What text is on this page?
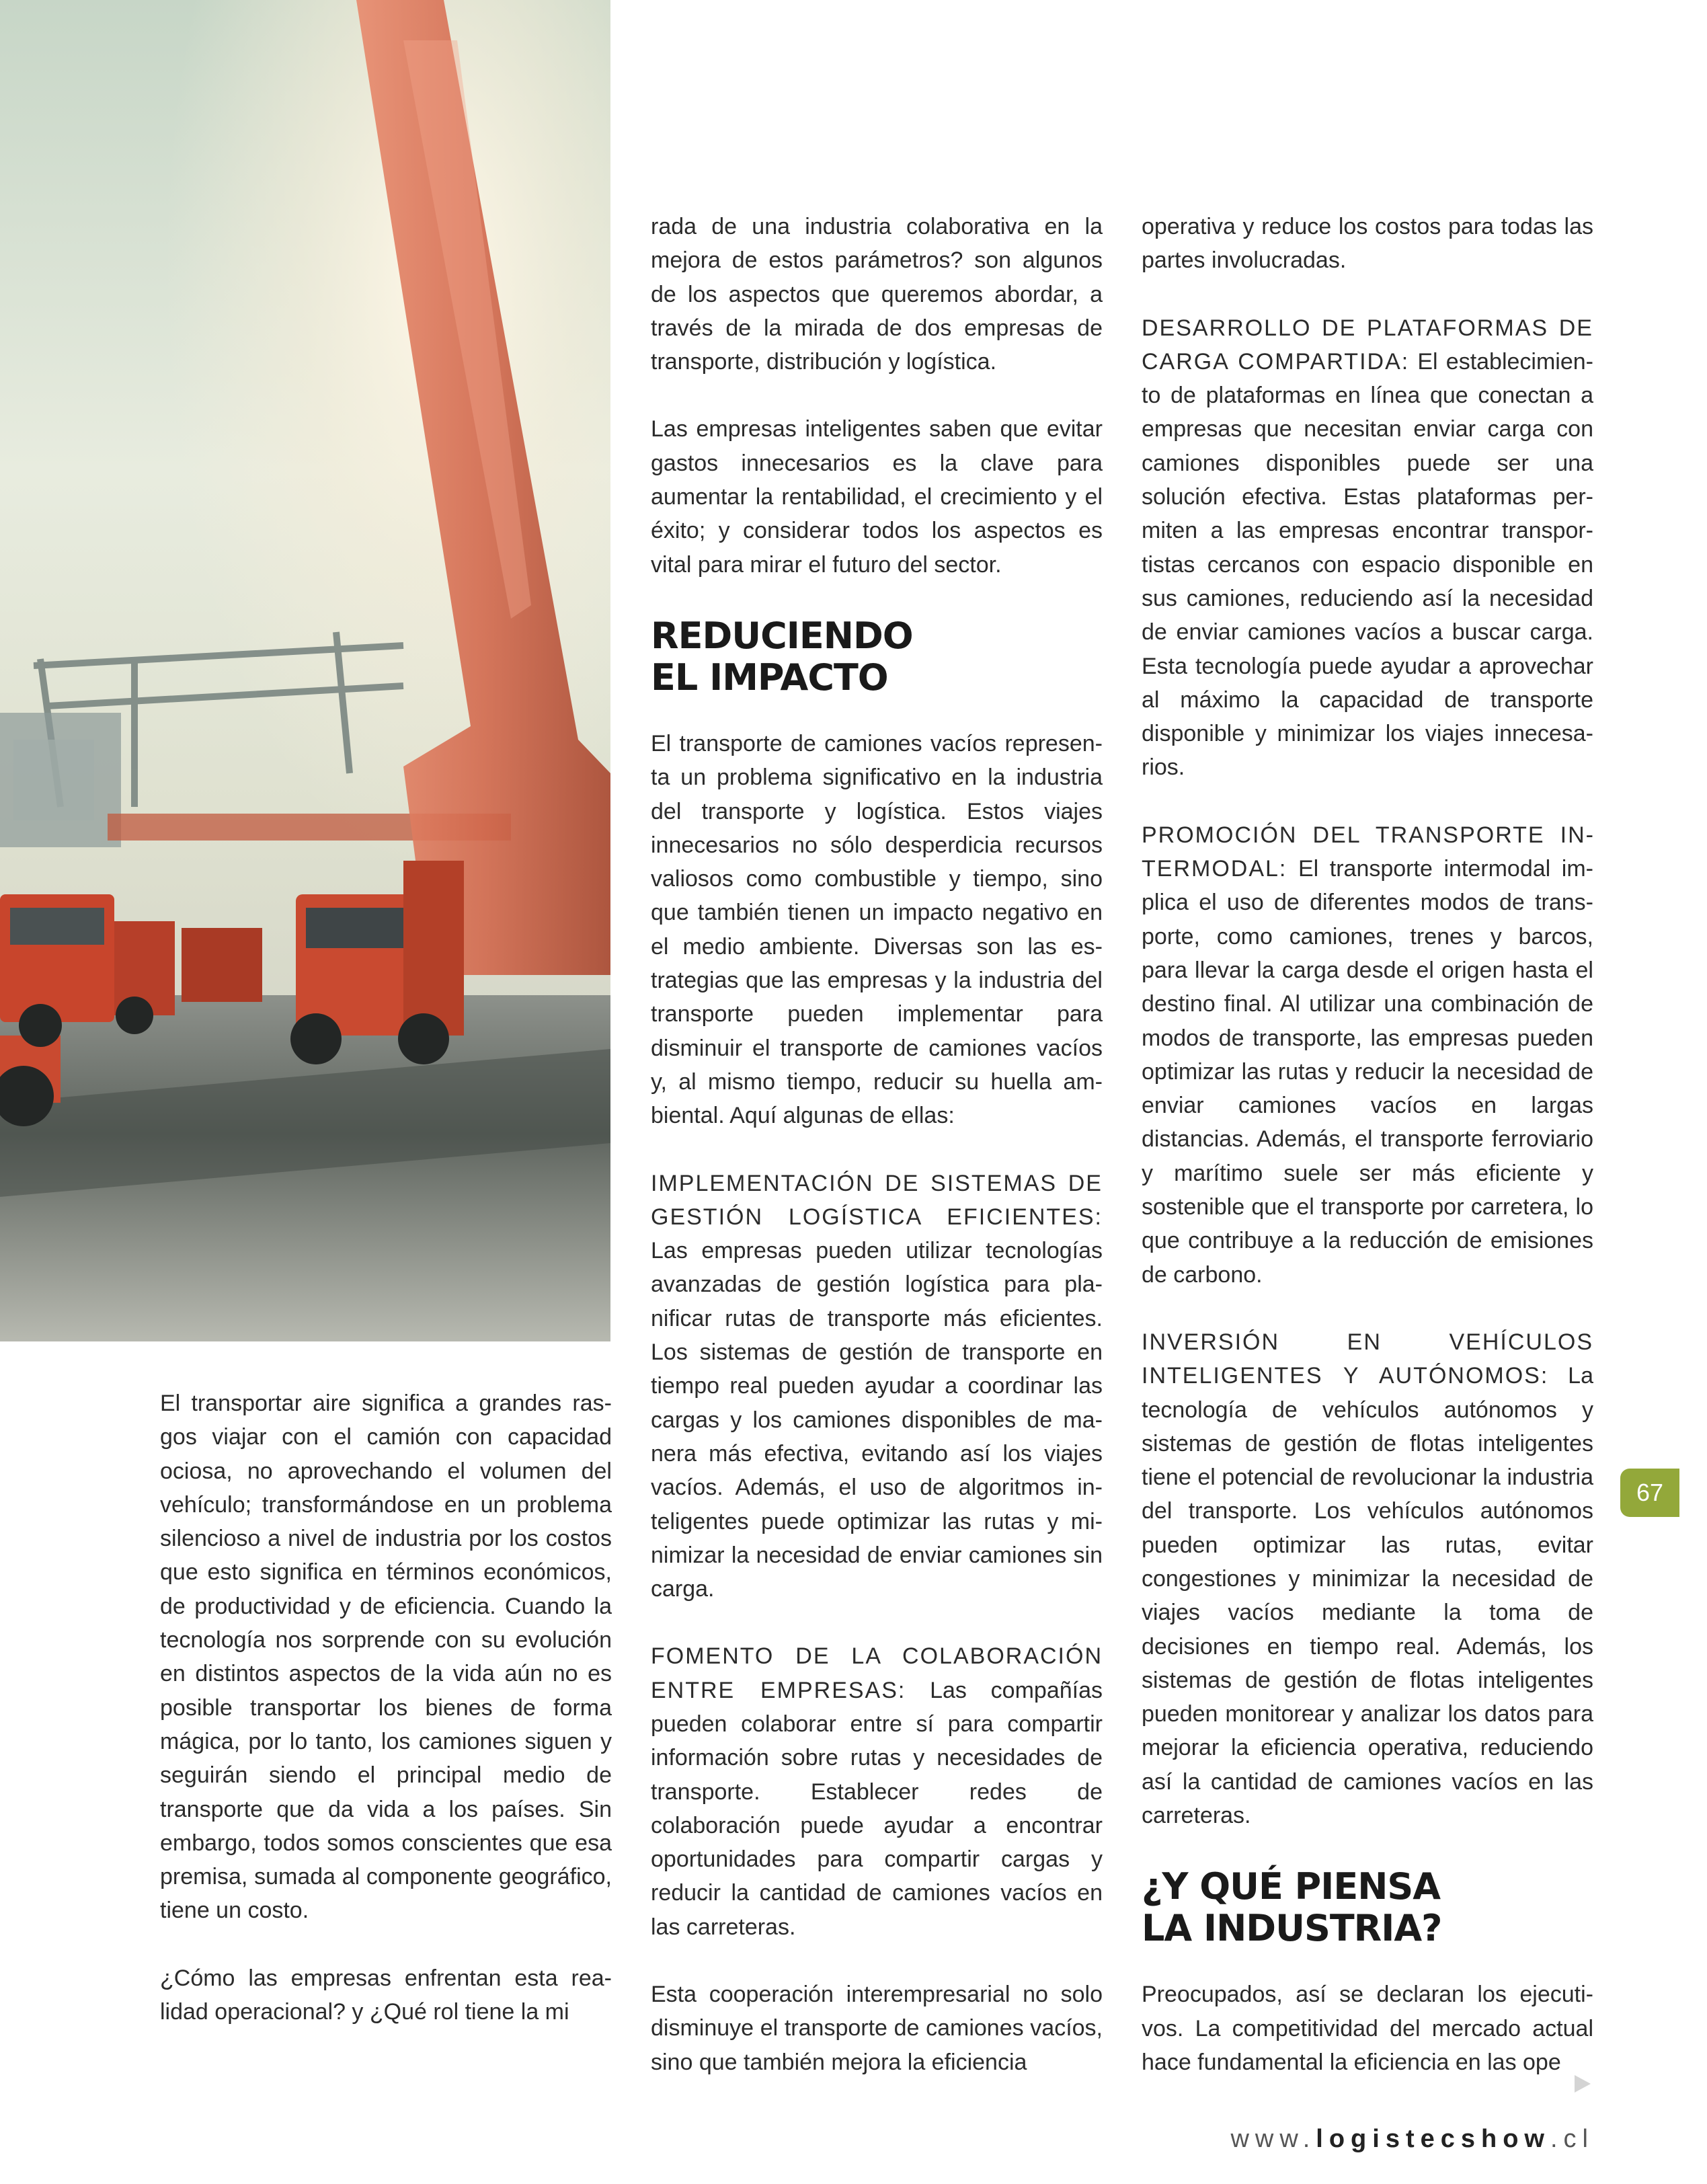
El transportar aire significa a grandes rasgos viajar con el camión con capacidad ociosa, no aprovechando el volumen del vehículo; transformándose en un problema silencioso a nivel de industria por los costos que esto significa en términos económicos, de productividad y de eficiencia. Cuando la tecnología nos sorprende con su evolución en distintos aspectos de la vida aún no es posible transportar los bienes de forma mágica, por lo tanto, los camiones siguen y seguirán siendo el principal medio de transporte que da vida a los países. Sin embargo, todos somos conscientes que esa premisa, sumada al componente geográfico, tiene un costo.

¿Cómo las empresas enfrentan esta realidad operacional? y ¿Qué rol tiene la mi

rada de una industria colaborativa en la mejora de estos parámetros? son algunos de los aspectos que queremos abordar, a través de la mirada de dos empresas de transporte, distribución y logística.

Las empresas inteligentes saben que evitar gastos innecesarios es la clave para aumentar la rentabilidad, el crecimiento y el éxito; y considerar todos los aspectos es vital para mirar el futuro del sector.

REDUCIENDO
EL IMPACTO

El transporte de camiones vacíos representa un problema significativo en la industria del transporte y logística. Estos viajes innecesarios no sólo desperdicia recursos valiosos como combustible y tiempo, sino que también tienen un impacto negativo en el medio ambiente. Diversas son las estrategias que las empresas y la industria del transporte pueden implementar para disminuir el transporte de camiones vacíos y, al mismo tiempo, reducir su huella ambiental. Aquí algunas de ellas:

IMPLEMENTACIÓN DE SISTEMAS DE GESTIÓN LOGÍSTICA EFICIENTES: Las empresas pueden utilizar tecnologías avanzadas de gestión logística para planificar rutas de transporte más eficientes. Los sistemas de gestión de transporte en tiempo real pueden ayudar a coordinar las cargas y los camiones disponibles de manera más efectiva, evitando así los viajes vacíos. Además, el uso de algoritmos inteligentes puede optimizar las rutas y minimizar la necesidad de enviar camiones sin carga.

FOMENTO DE LA COLABORACIÓN ENTRE EMPRESAS: Las compañías pueden colaborar entre sí para compartir información sobre rutas y necesidades de transporte. Establecer redes de colaboración puede ayudar a encontrar oportunidades para compartir cargas y reducir la cantidad de camiones vacíos en las carreteras.

Esta cooperación interempresarial no solo disminuye el transporte de camiones vacíos, sino que también mejora la eficiencia

operativa y reduce los costos para todas las partes involucradas.

DESARROLLO DE PLATAFORMAS DE CARGA COMPARTIDA: El establecimiento de plataformas en línea que conectan a empresas que necesitan enviar carga con camiones disponibles puede ser una solución efectiva. Estas plataformas permiten a las empresas encontrar transportistas cercanos con espacio disponible en sus camiones, reduciendo así la necesidad de enviar camiones vacíos a buscar carga. Esta tecnología puede ayudar a aprovechar al máximo la capacidad de transporte disponible y minimizar los viajes innecesarios.

PROMOCIÓN DEL TRANSPORTE INTERMODAL: El transporte intermodal implica el uso de diferentes modos de transporte, como camiones, trenes y barcos, para llevar la carga desde el origen hasta el destino final. Al utilizar una combinación de modos de transporte, las empresas pueden optimizar las rutas y reducir la necesidad de enviar camiones vacíos en largas distancias. Además, el transporte ferroviario y marítimo suele ser más eficiente y sostenible que el transporte por carretera, lo que contribuye a la reducción de emisiones de carbono.

INVERSIÓN EN VEHÍCULOS INTELIGENTES Y AUTÓNOMOS: La tecnología de vehículos autónomos y sistemas de gestión de flotas inteligentes tiene el potencial de revolucionar la industria del transporte. Los vehículos autónomos pueden optimizar las rutas, evitar congestiones y minimizar la necesidad de viajes vacíos mediante la toma de decisiones en tiempo real. Además, los sistemas de gestión de flotas inteligentes pueden monitorear y analizar los datos para mejorar la eficiencia operativa, reduciendo así la cantidad de camiones vacíos en las carreteras.

¿Y QUÉ PIENSA
LA INDUSTRIA?

Preocupados, así se declaran los ejecutivos. La competitividad del mercado actual hace fundamental la eficiencia en las ope

67
www.logistecshow.cl
